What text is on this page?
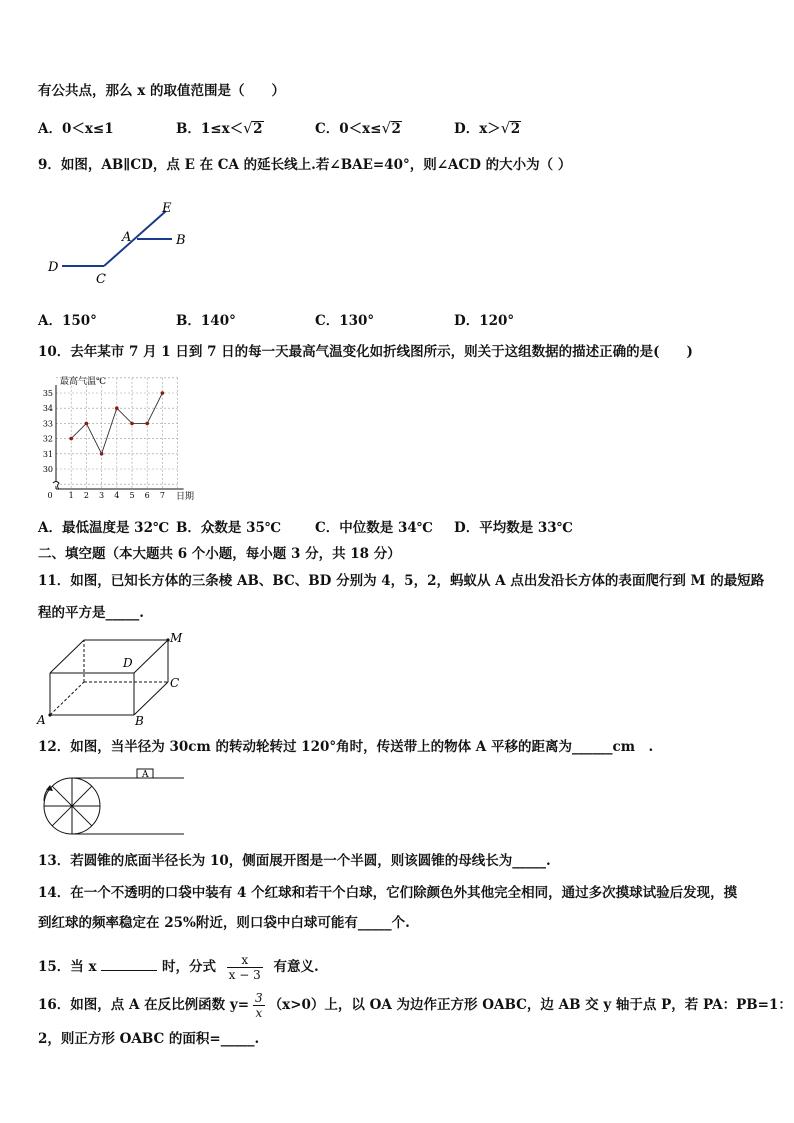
有公共点，那么 x 的取值范围是（　　）
A．0＜x≤1	B．1≤x＜ √ 2	C．0＜x≤ √ 2	D．x＞ √ 2
9．如图，AB∥CD，点 E 在 CA 的延长线上.若∠BAE=40°，则∠ACD 的大小为（ ）
E
A	B
D
C
A．150°	B．140°	C．130°	D．120°
10．去年某市 7 月 1 日到 7 日的每一天最高气温变化如折线图所示，则关于这组数据的描述正确的是(　　)
最高气温℃
日期
30
31
32
33
34
35
0 1 2 3 4 5 6 7
A．最低温度是 32℃ B．众数是 35℃	C．中位数是 34℃ D．平均数是 33℃
二、填空题（本大题共 6 个小题，每小题 3 分，共 18 分）
11．如图，已知长方体的三条棱 AB、BC、BD 分别为 4，5，2，蚂蚁从 A 点出发沿长方体的表面爬行到 M 的最短路
程的平方是_____.
M
D
C
A	B
12．如图，当半径为 30cm 的转动轮转过 120°角时，传送带上的物体 A 平移的距离为______cm　.
A
13．若圆锥的底面半径长为 10，侧面展开图是一个半圆，则该圆锥的母线长为_____.
14．在一个不透明的口袋中装有 4 个红球和若干个白球，它们除颜色外其他完全相同，通过多次摸球试验后发现，摸
到红球的频率稳定在 25%附近，则口袋中白球可能有_____个.
15．当 x	时，分式 $\frac{x}{x - 3}$ 有意义.
16．如图，点 A 在反比例函数 $y= \frac{3}{x} (x>0)$上，以 OA 为边作正方形 OABC，边 AB 交 y 轴于点 P，若 PA：PB=1：
2，则正方形 OABC 的面积=_____.
